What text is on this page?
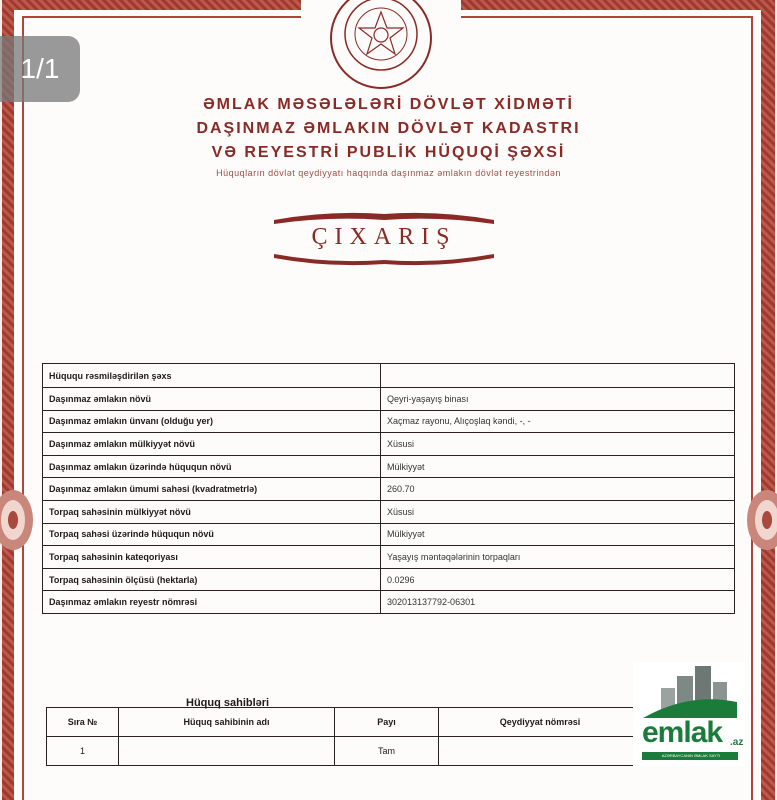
1/1
ƏMLAK MƏSƏLƏLƏRİ DÖVLƏT XİDMƏTİ
DAŞINMAZ ƏMLAKIN DÖVLƏT KADASTRI
VƏ REYESTRİ PUBLİK HÜQUQİ ŞƏXSİ
Hüquqların dövlət qeydiyyatı haqqında daşınmaz əmlakın dövlət reyestrindən
ÇIXARIŞ
Hüququ rəsmiləşdirilən şəxs	
Daşınmaz əmlakın növü	Qeyri-yaşayış binası
Daşınmaz əmlakın ünvanı (olduğu yer)	Xaçmaz rayonu, Alıçoşlaq kəndi, -, -
Daşınmaz əmlakın mülkiyyət növü	Xüsusi
Daşınmaz əmlakın üzərində hüququn növü	Mülkiyyət
Daşınmaz əmlakın ümumi sahəsi (kvadratmetrlə)	260.70
Torpaq sahəsinin mülkiyyət növü	Xüsusi
Torpaq sahəsi üzərində hüququn növü	Mülkiyyət
Torpaq sahəsinin kateqoriyası	Yaşayış məntəqələrinin torpaqları
Torpaq sahəsinin ölçüsü (hektarla)	0.0296
Daşınmaz əmlakın reyestr nömrəsi	302013137792-06301
Hüquq sahibləri
Sıra №	Hüquq sahibinin adı	Payı	Qeydiyyat nömrəsi
1		Tam	
emlak .az
AZƏRBAYCANIN ƏMLAK SAYTI
